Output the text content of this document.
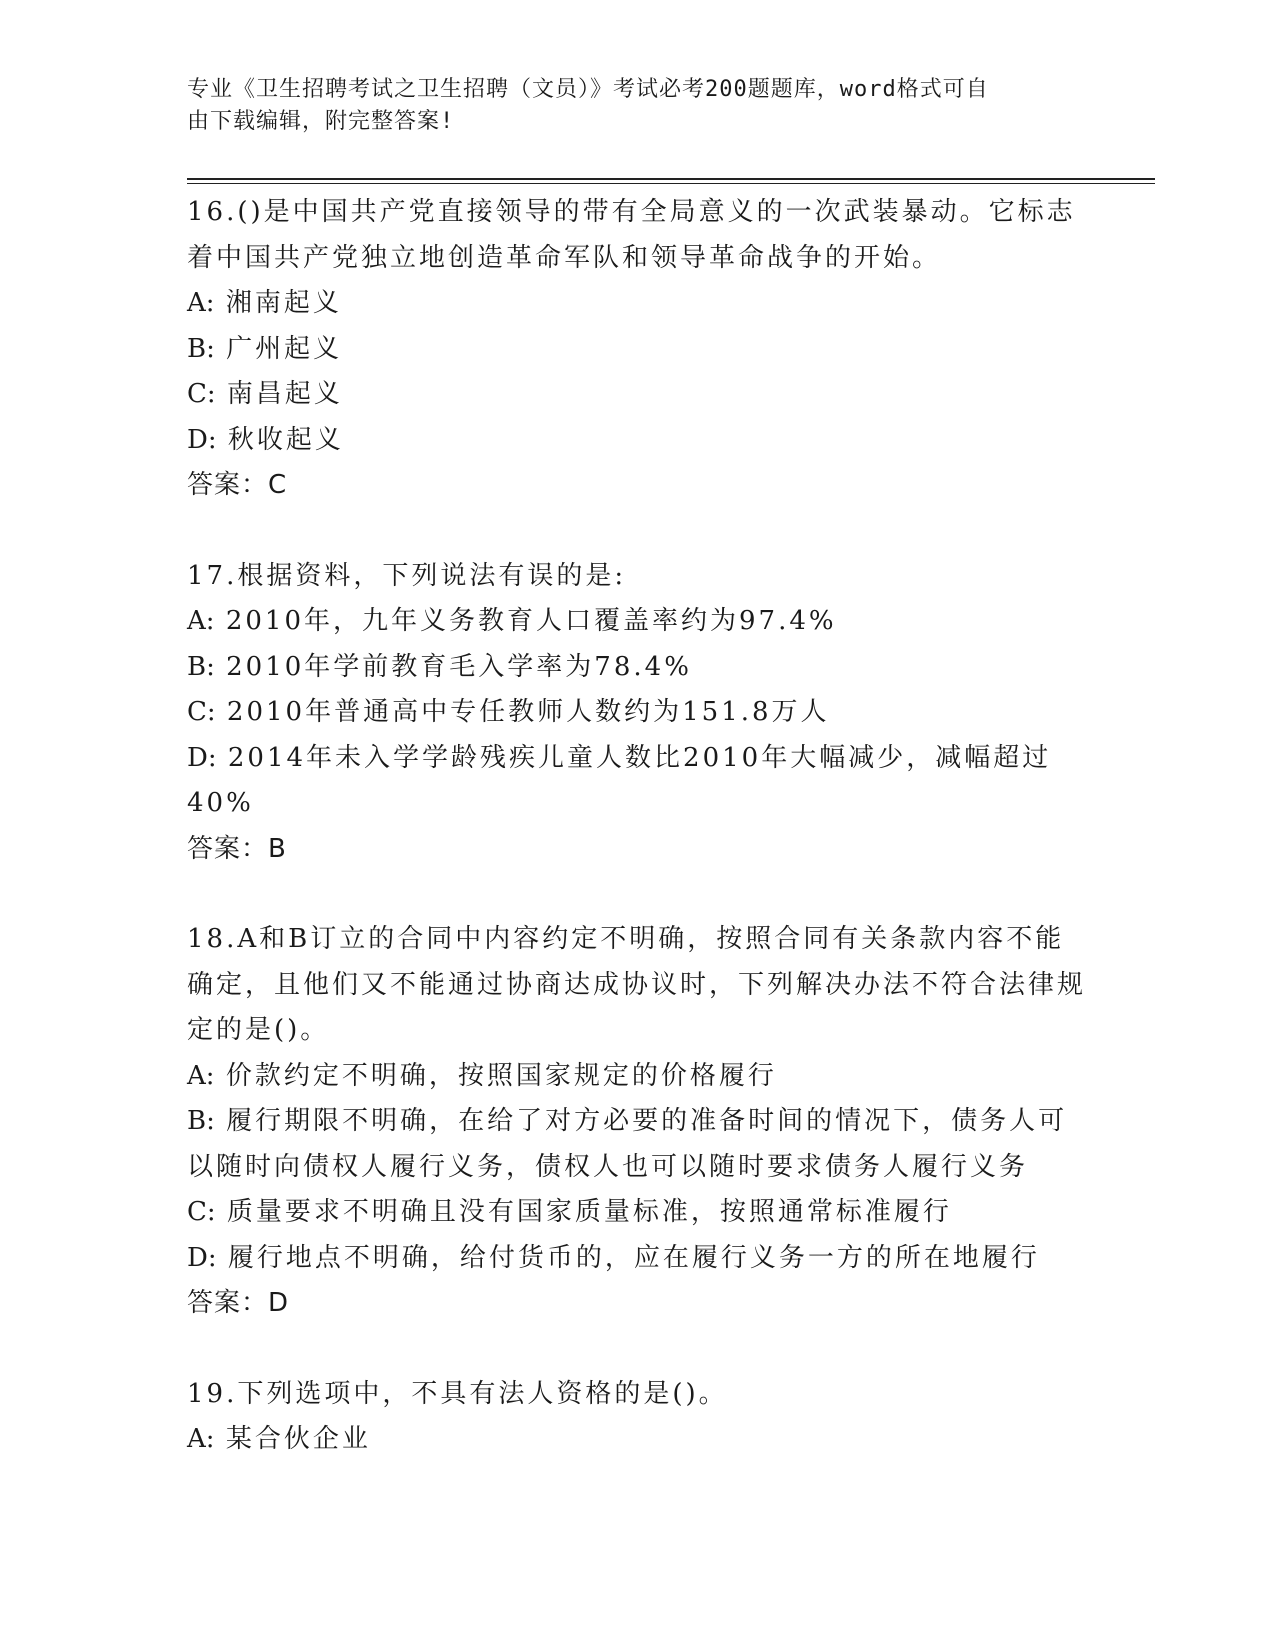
专业《卫生招聘考试之卫生招聘（文员）》考试必考200题题库，word格式可自
由下载编辑，附完整答案!
16.()是中国共产党直接领导的带有全局意义的一次武装暴动。它标志着中国共产党独立地创造革命军队和领导革命战争的开始。
A: 湘南起义
B: 广州起义
C: 南昌起义
D: 秋收起义
答案：C
17.根据资料，下列说法有误的是:
A: 2010年，九年义务教育人口覆盖率约为97.4%
B: 2010年学前教育毛入学率为78.4%
C: 2010年普通高中专任教师人数约为151.8万人
D: 2014年未入学学龄残疾儿童人数比2010年大幅减少，减幅超过40%
答案：B
18.A和B订立的合同中内容约定不明确，按照合同有关条款内容不能确定，且他们又不能通过协商达成协议时，下列解决办法不符合法律规定的是()。
A: 价款约定不明确，按照国家规定的价格履行
B: 履行期限不明确，在给了对方必要的准备时间的情况下，债务人可以随时向债权人履行义务，债权人也可以随时要求债务人履行义务
C: 质量要求不明确且没有国家质量标准，按照通常标准履行
D: 履行地点不明确，给付货币的，应在履行义务一方的所在地履行
答案：D
19.下列选项中，不具有法人资格的是()。
A: 某合伙企业
